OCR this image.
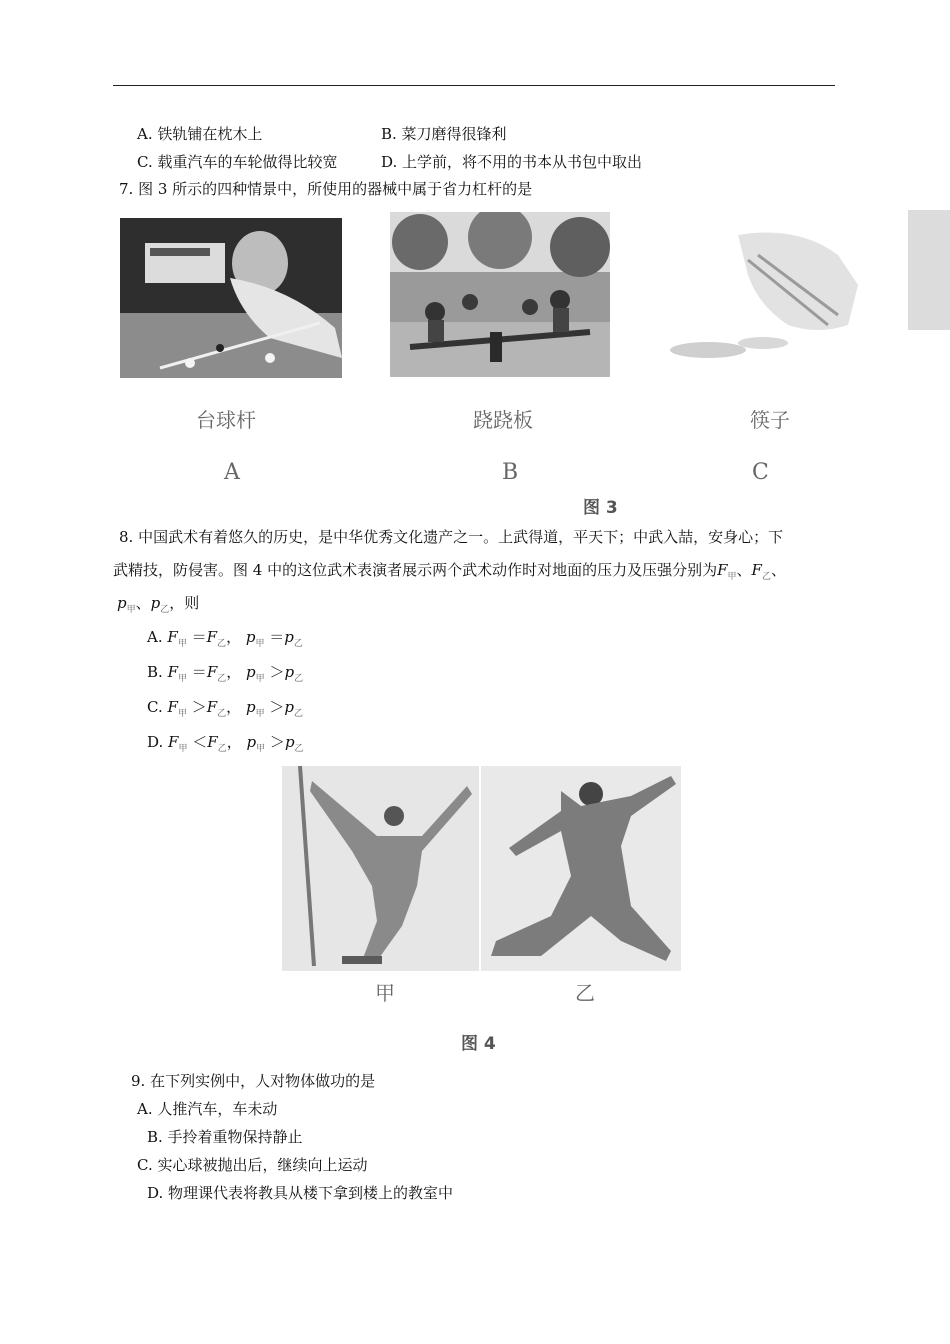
A. 铁轨铺在枕木上	B. 菜刀磨得很锋利
C. 载重汽车的车轮做得比较宽	D. 上学前，将不用的书本从书包中取出
7. 图 3 所示的四种情景中，所使用的器械中属于省力杠杆的是
台球杆	跷跷板	筷子
A	B	C
图 3
8. 中国武术有着悠久的历史，是中华优秀文化遗产之一。上武得道，平天下；中武入喆，安身心；下
武精技，防侵害。图 4 中的这位武术表演者展示两个武术动作时对地面的压力及压强分别为$F_甲$、$F_乙$、
$p_甲$、$p_乙$，则
A. $F_甲 =F_乙$， $p_甲 =p_乙$
B. $F_甲 =F_乙$， $p_甲 >p_乙$
C. $F_甲 >F_乙$， $p_甲 >p_乙$
D. $F_甲 <F_乙$， $p_甲 >p_乙$
甲	乙
图 4
9. 在下列实例中，人对物体做功的是
A. 人推汽车，车未动
B. 手拎着重物保持静止
C. 实心球被抛出后，继续向上运动
D. 物理课代表将教具从楼下拿到楼上的教室中
